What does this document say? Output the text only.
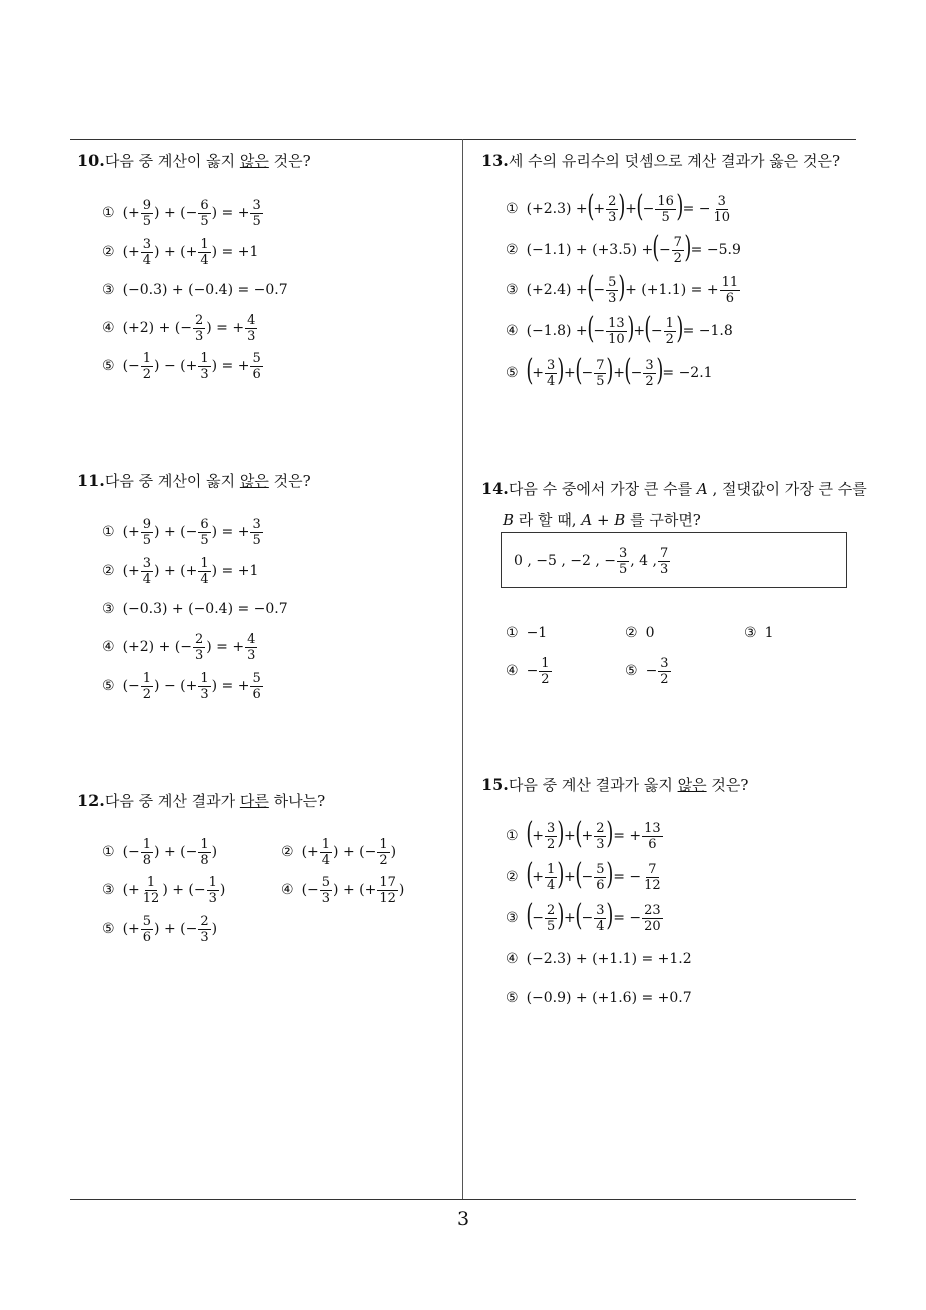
10.다음 중 계산이 옳지 않은 것은?
① (+ $\frac{9}{5}$ ) + (− $\frac{6}{5}$ ) = + $\frac{3}{5}$
② (+ $\frac{3}{4}$ ) + (+ $\frac{1}{4}$ ) = +1
③ (−0.3) + (−0.4) = −0.7
④ (+2) + (− $\frac{2}{3}$ ) = + $\frac{4}{3}$
⑤ (− $\frac{1}{2}$ ) − (+ $\frac{1}{3}$ ) = + $\frac{5}{6}$
11.다음 중 계산이 옳지 않은 것은?
① (+ $\frac{9}{5}$ ) + (− $\frac{6}{5}$ ) = + $\frac{3}{5}$
② (+ $\frac{3}{4}$ ) + (+ $\frac{1}{4}$ ) = +1
③ (−0.3) + (−0.4) = −0.7
④ (+2) + (− $\frac{2}{3}$ ) = + $\frac{4}{3}$
⑤ (− $\frac{1}{2}$ ) − (+ $\frac{1}{3}$ ) = + $\frac{5}{6}$
12.다음 중 계산 결과가 다른 하나는?
① (− $\frac{1}{8}$ ) + (− $\frac{1}{8}$ )	② (+ $\frac{1}{4}$ ) + (− $\frac{1}{2}$ )
③ (+ $\frac{1}{12}$ ) + (− $\frac{1}{3}$ )	④ (− $\frac{5}{3}$ ) + (+ $\frac{17}{12}$ )
⑤ (+ $\frac{5}{6}$ ) + (− $\frac{2}{3}$ )
13.세 수의 유리수의 덧셈으로 계산 결과가 옳은 것은?
① (+2.3) + ( + $\frac{2}{3}$ ) + ( − $\frac{16}{5}$ ) = − $\frac{3}{10}$
② (−1.1) + (+3.5) + ( − $\frac{7}{2}$ ) = −5.9
③ (+2.4) + ( − $\frac{5}{3}$ ) + (+1.1) = + $\frac{11}{6}$
④ (−1.8) + ( − $\frac{13}{10}$ ) + ( − $\frac{1}{2}$ ) = −1.8
⑤ ( + $\frac{3}{4}$ ) + ( − $\frac{7}{5}$ ) + ( − $\frac{3}{2}$ ) = −2.1
14.다음 수 중에서 가장 큰 수를 A , 절댓값이 가장 큰 수를
B 라 할 때, A + B 를 구하면?
0 , −5 , −2 , − $\frac{3}{5}$ , 4 , 7
3
① −1	② 0	③ 1
④ − $\frac{1}{2}$	⑤ − $\frac{3}{2}$
15.다음 중 계산 결과가 옳지 않은 것은?
① ( + $\frac{3}{2}$ ) + ( + $\frac{2}{3}$ ) = + $\frac{13}{6}$
② ( + $\frac{1}{4}$ ) + ( − $\frac{5}{6}$ ) = − $\frac{7}{12}$
③ ( − $\frac{2}{5}$ ) + ( − $\frac{3}{4}$ ) = − $\frac{23}{20}$
④ (−2.3) + (+1.1) = +1.2
⑤ (−0.9) + (+1.6) = +0.7
3
